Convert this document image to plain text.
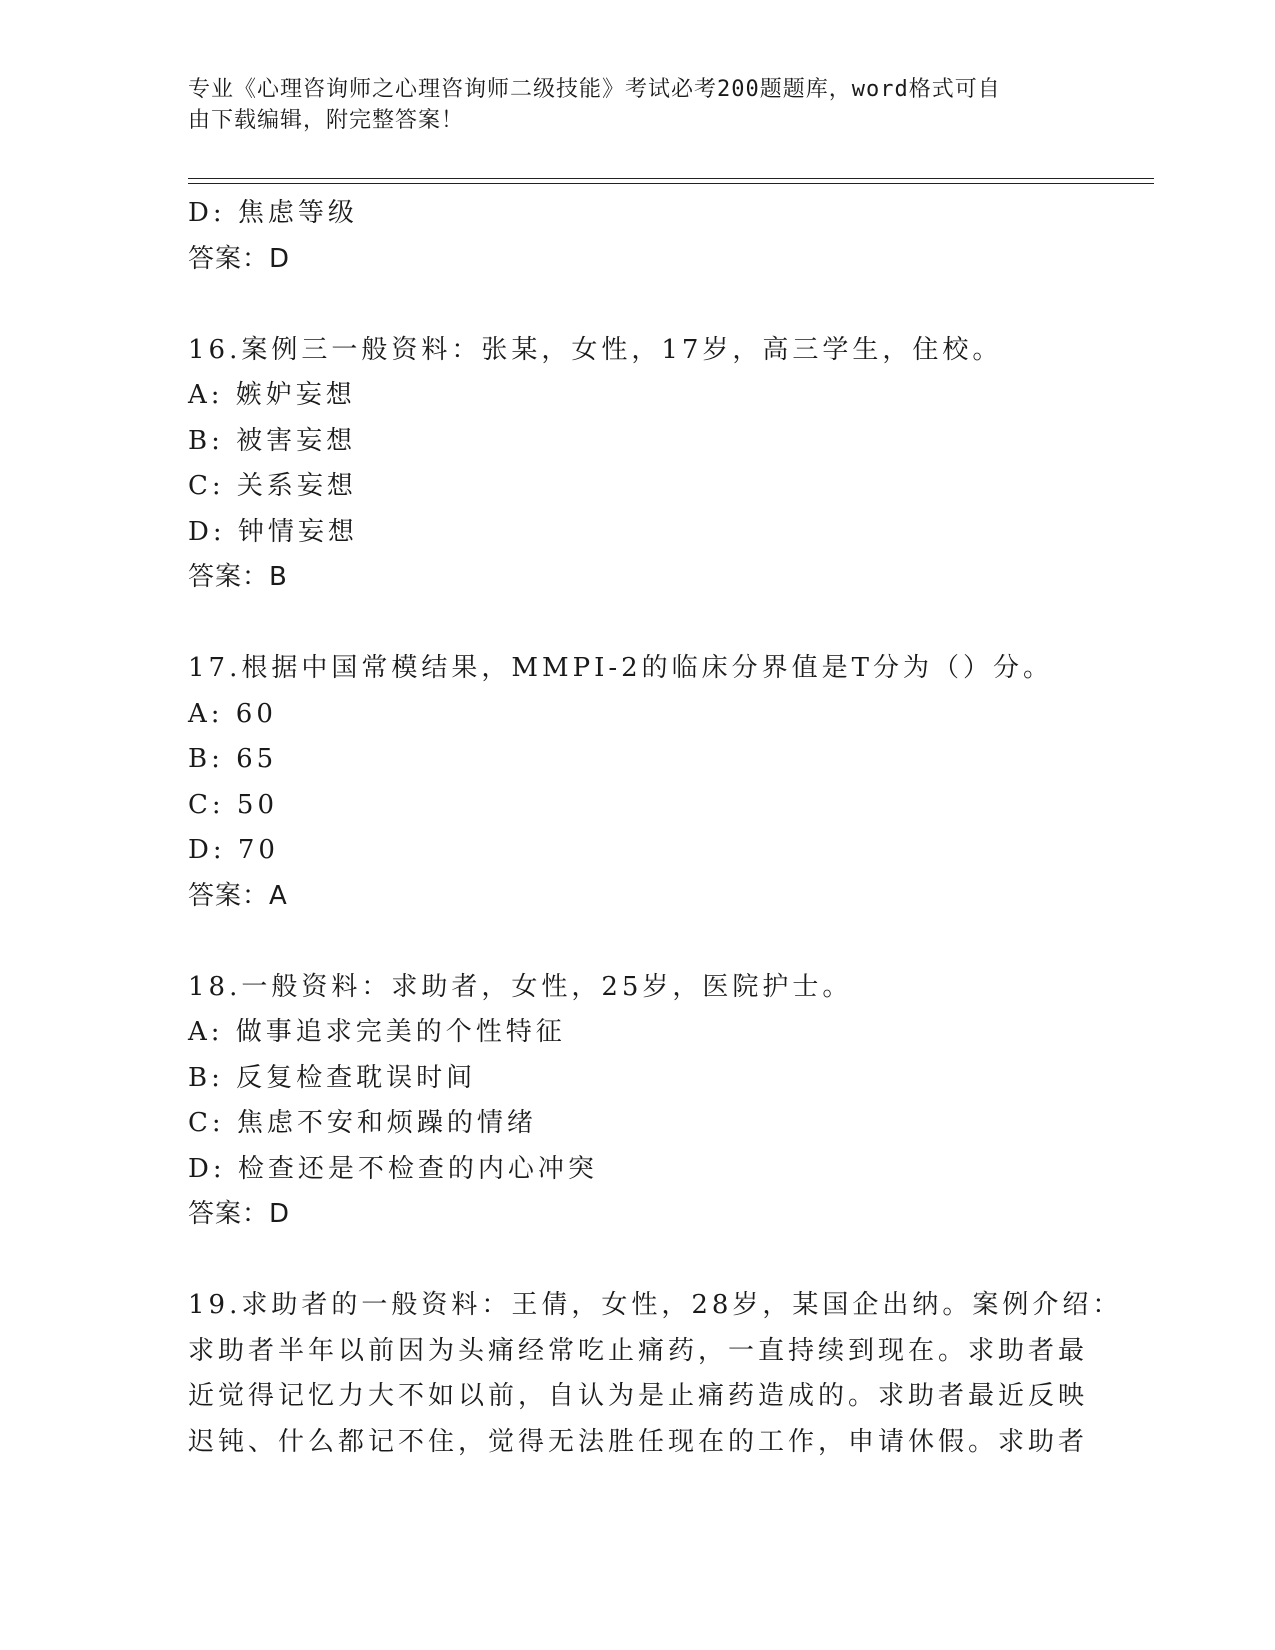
专业《心理咨询师之心理咨询师二级技能》考试必考200题题库，word格式可自
由下载编辑，附完整答案！
D: 焦虑等级
答案：D
16.案例三一般资料：张某，女性，17岁，高三学生，住校。
A: 嫉妒妄想
B: 被害妄想
C: 关系妄想
D: 钟情妄想
答案：B
17.根据中国常模结果，MMPI-2的临床分界值是T分为（）分。
A: 60
B: 65
C: 50
D: 70
答案：A
18.一般资料：求助者，女性，25岁，医院护士。
A: 做事追求完美的个性特征
B: 反复检查耽误时间
C: 焦虑不安和烦躁的情绪
D: 检查还是不检查的内心冲突
答案：D
19.求助者的一般资料：王倩，女性，28岁，某国企出纳。案例介绍：
求助者半年以前因为头痛经常吃止痛药，一直持续到现在。求助者最
近觉得记忆力大不如以前，自认为是止痛药造成的。求助者最近反映
迟钝、什么都记不住，觉得无法胜任现在的工作，申请休假。求助者
